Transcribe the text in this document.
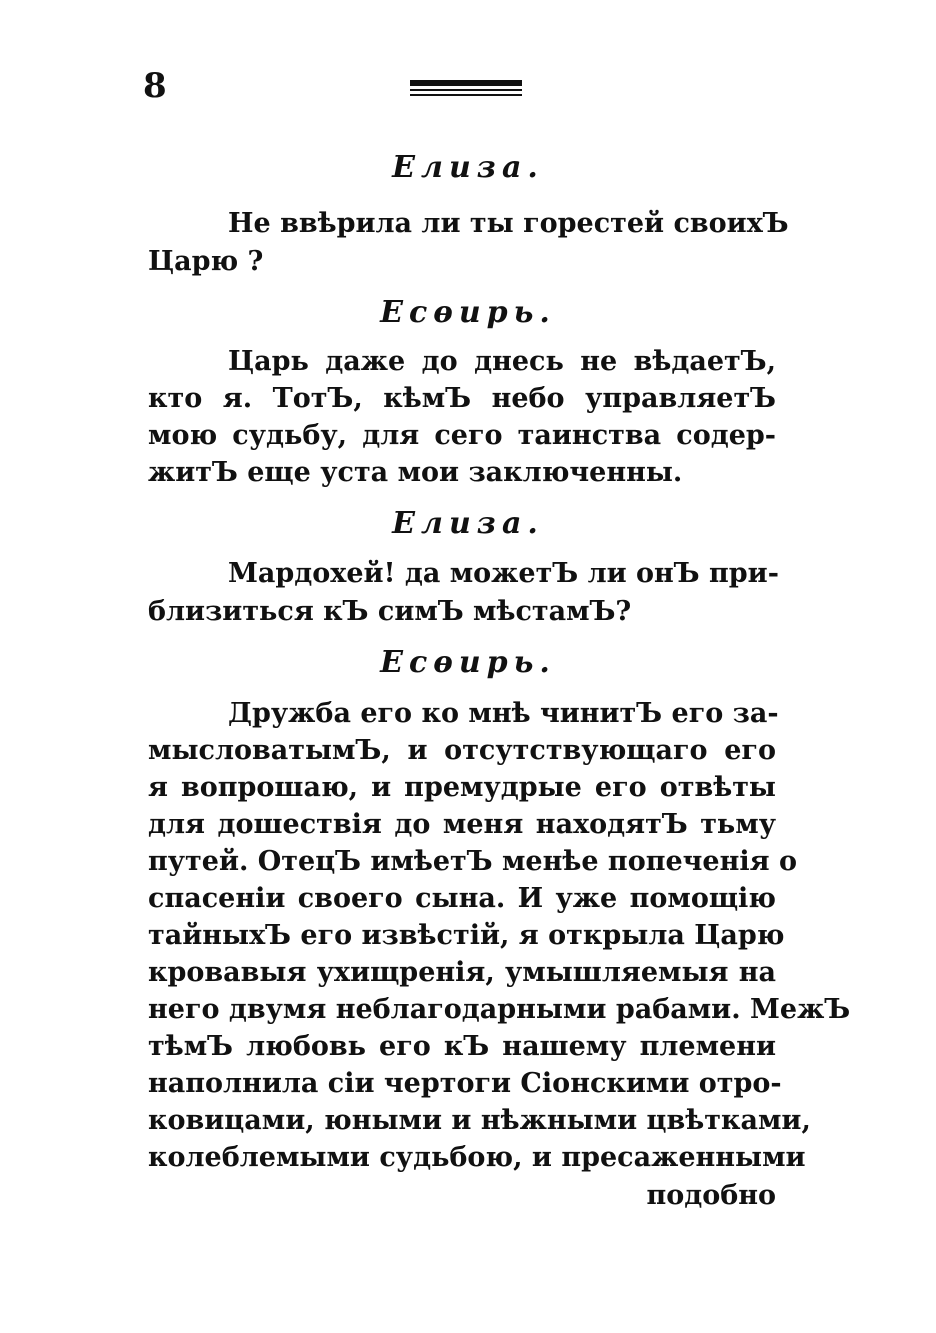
8
Елиза.
Не ввѣрила ли ты горестей своихЪ
Царю ?
Есѳирь.
Царь даже до днесь не вѣдаетЪ,
кто я. ТотЪ, кѣмЪ небо управляетЪ
мою судьбу, для сего таинства содер-
житЪ еще уста мои заключенны.
Елиза.
Мардохей! да можетЪ ли онЪ при-
близиться кЪ симЪ мѣстамЪ?
Есѳирь.
Дружба его ко мнѣ чинитЪ его за-
мысловатымЪ, и отсутствующаго его
я вопрошаю, и премудрые его отвѣты
для дошествія до меня находятЪ тьму
путей. ОтецЪ имѣетЪ менѣе попеченія о
спасеніи своего сына. И уже помощію
тайныхЪ его извѣстій, я открыла Царю
кровавыя ухищренія, умышляемыя на
него двумя неблагодарными рабами. МежЪ
тѣмЪ любовь его кЪ нашему племени
наполнила сіи чертоги Сіонскими отро-
ковицами, юными и нѣжными цвѣтками,
колеблемыми судьбою, и пресаженными
подобно
